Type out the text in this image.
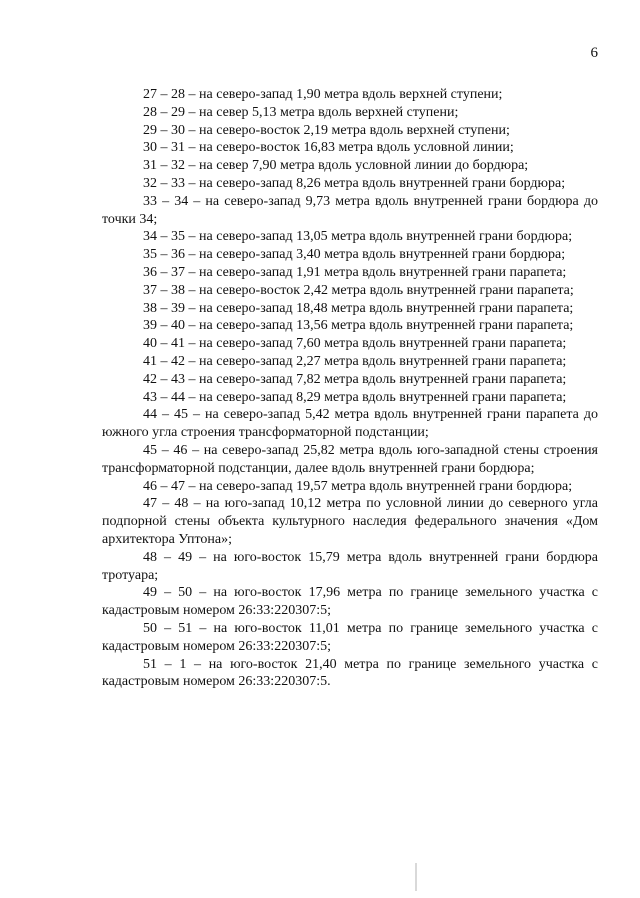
6

27 – 28 – на северо-запад 1,90 метра вдоль верхней ступени;

28 – 29 – на север 5,13 метра вдоль верхней ступени;

29 – 30 – на северо-восток 2,19 метра вдоль верхней ступени;

30 – 31 – на северо-восток 16,83 метра вдоль условной линии;

31 – 32 – на север 7,90 метра вдоль условной линии до бордюра;

32 – 33 – на северо-запад 8,26 метра вдоль внутренней грани бордюра;

33 – 34 – на северо-запад 9,73 метра вдоль внутренней грани бордюра до точки 34;

34 – 35 – на северо-запад 13,05 метра вдоль внутренней грани бордюра;

35 – 36 – на северо-запад 3,40 метра вдоль внутренней грани бордюра;

36 – 37 – на северо-запад 1,91 метра вдоль внутренней грани парапета;

37 – 38 – на северо-восток 2,42 метра вдоль внутренней грани парапета;

38 – 39 – на северо-запад 18,48 метра вдоль внутренней грани парапета;

39 – 40 – на северо-запад 13,56 метра вдоль внутренней грани парапета;

40 – 41 – на северо-запад 7,60 метра вдоль внутренней грани парапета;

41 – 42 – на северо-запад 2,27 метра вдоль внутренней грани парапета;

42 – 43 – на северо-запад 7,82 метра вдоль внутренней грани парапета;

43 – 44 – на северо-запад 8,29 метра вдоль внутренней грани парапета;

44 – 45 – на северо-запад 5,42 метра вдоль внутренней грани парапета до южного угла строения трансформаторной подстанции;

45 – 46 – на северо-запад 25,82 метра вдоль юго-западной стены строения трансформаторной подстанции, далее вдоль внутренней грани бордюра;

46 – 47 – на северо-запад 19,57 метра вдоль внутренней грани бордюра;

47 – 48 – на юго-запад 10,12 метра по условной линии до северного угла подпорной стены объекта культурного наследия федерального значения «Дом архитектора Уптона»;

48 – 49 – на юго-восток 15,79 метра вдоль внутренней грани бордюра тротуара;

49 – 50 – на юго-восток 17,96 метра по границе земельного участка с кадастровым номером 26:33:220307:5;

50 – 51 – на юго-восток 11,01 метра по границе земельного участка с кадастровым номером 26:33:220307:5;

51 – 1 – на юго-восток 21,40 метра по границе земельного участка с кадастровым номером 26:33:220307:5.
